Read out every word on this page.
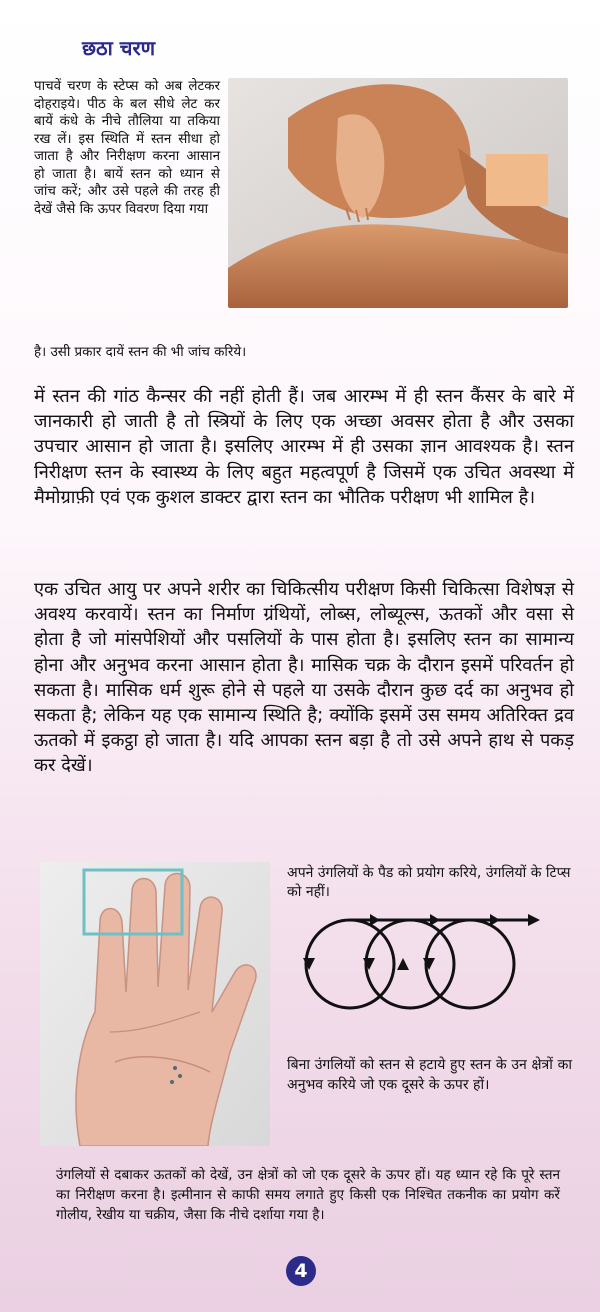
छठा चरण

पाचवें चरण के स्टेप्स को अब लेटकर दोहराइये। पीठ के बल सीधे लेट कर बायें कंधे के नीचे तौलिया या तकिया रख लें। इस स्थिति में स्तन सीधा हो जाता है और निरीक्षण करना आसान हो जाता है। बायें स्तन को ध्यान से जांच करें; और उसे पहले की तरह ही देखें जैसे कि ऊपर विवरण दिया गया

है। उसी प्रकार दायें स्तन की भी जांच करिये।

में स्तन की गांठ कैन्सर की नहीं होती हैं। जब आरम्भ में ही स्तन कैंसर के बारे में जानकारी हो जाती है तो स्त्रियों के लिए एक अच्छा अवसर होता है और उसका उपचार आसान हो जाता है। इसलिए आरम्भ में ही उसका ज्ञान आवश्यक है। स्तन निरीक्षण स्तन के स्वास्थ्य के लिए बहुत महत्वपूर्ण है जिसमें एक उचित अवस्था में मैमोग्राफ़ी एवं एक कुशल डाक्टर द्वारा स्तन का भौतिक परीक्षण भी शामिल है।

एक उचित आयु पर अपने शरीर का चिकित्सीय परीक्षण किसी चिकित्सा विशेषज्ञ से अवश्य करवायें। स्तन का निर्माण ग्रंथियों, लोब्स, लोब्यूल्स, ऊतकों और वसा से होता है जो मांसपेशियों और पसलियों के पास होता है। इसलिए स्तन का सामान्य होना और अनुभव करना आसान होता है। मासिक चक्र के दौरान इसमें परिवर्तन हो सकता है। मासिक धर्म शुरू होने से पहले या उसके दौरान कुछ दर्द का अनुभव हो सकता है; लेकिन यह एक सामान्य स्थिति है; क्योंकि इसमें उस समय अतिरिक्त द्रव ऊतको में इकट्ठा हो जाता है। यदि आपका स्तन बड़ा है तो उसे अपने हाथ से पकड़ कर देखें।

अपने उंगलियों के पैड को प्रयोग करिये, उंगलियों के टिप्स को नहीं।

बिना उंगलियों को स्तन से हटाये हुए स्तन के उन क्षेत्रों का अनुभव करिये जो एक दूसरे के ऊपर हों।

उंगलियों से दबाकर ऊतकों को देखें, उन क्षेत्रों को जो एक दूसरे के ऊपर हों। यह ध्यान रहे कि पूरे स्तन का निरीक्षण करना है। इत्मीनान से काफी समय लगाते हुए किसी एक निश्चित तकनीक का प्रयोग करें गोलीय, रेखीय या चक्रीय, जैसा कि नीचे दर्शाया गया है।

4
